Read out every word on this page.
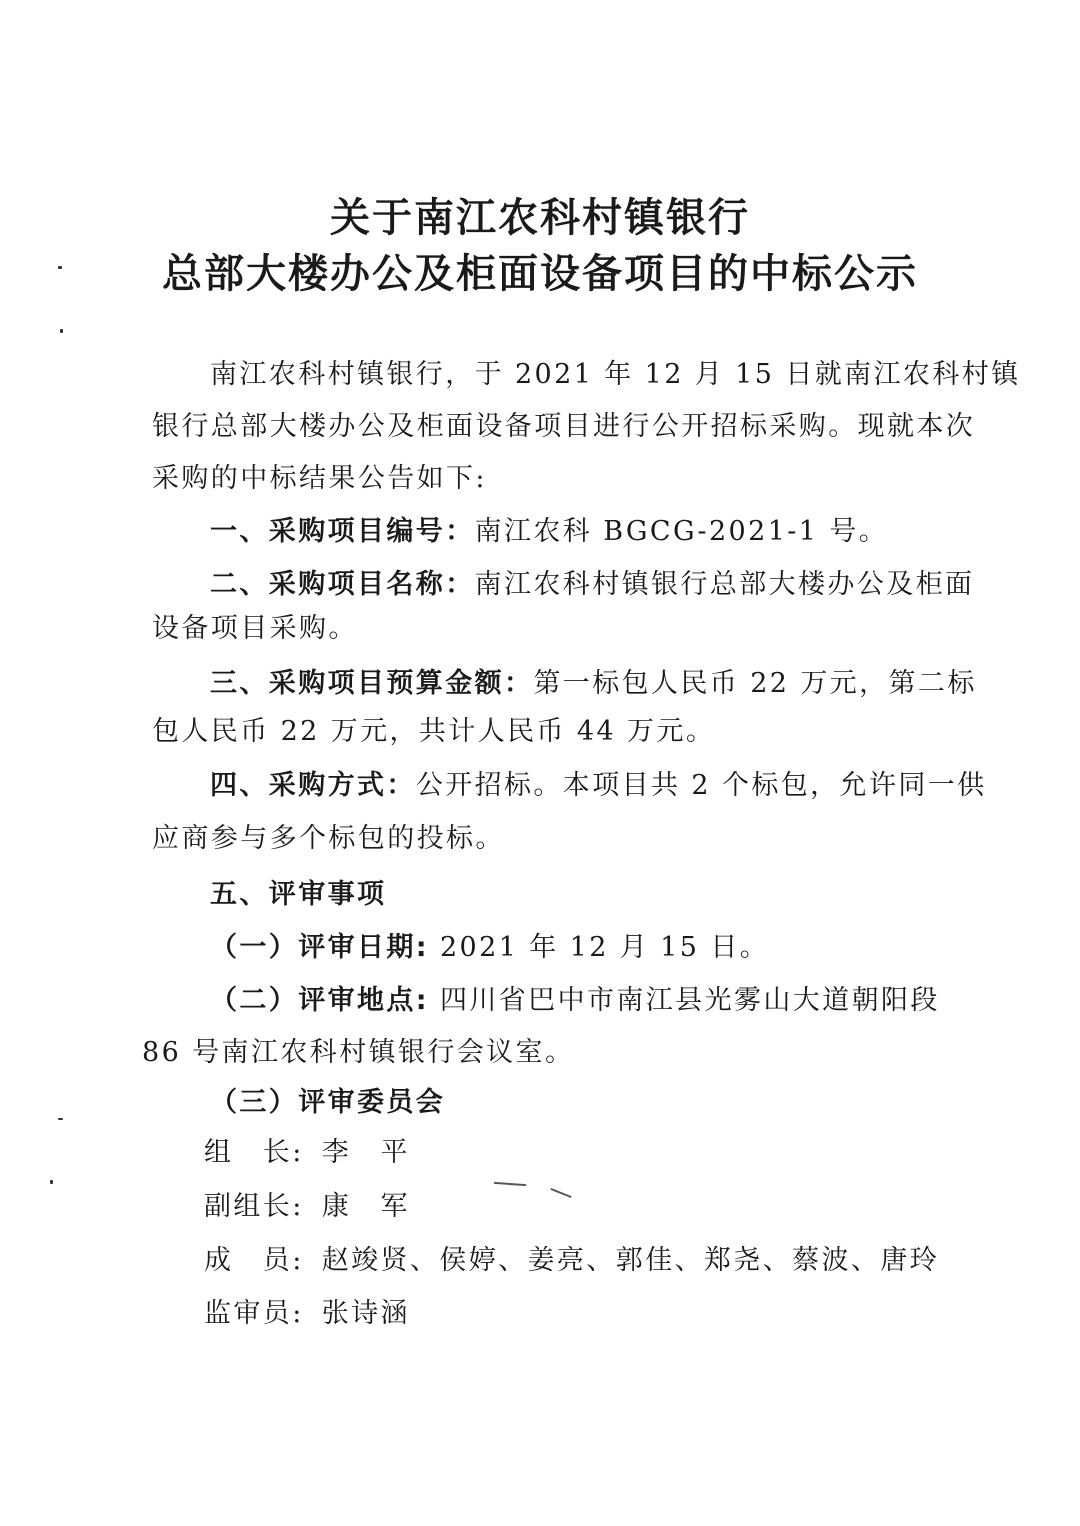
关于南江农科村镇银行
总部大楼办公及柜面设备项目的中标公示
南江农科村镇银行，于 2021 年 12 月 15 日就南江农科村镇
银行总部大楼办公及柜面设备项目进行公开招标采购。现就本次
采购的中标结果公告如下:
一、采购项目编号：南江农科 BGCG-2021-1 号。
二、采购项目名称：南江农科村镇银行总部大楼办公及柜面
设备项目采购。
三、采购项目预算金额：第一标包人民币 22 万元，第二标
包人民币 22 万元，共计人民币 44 万元。
四、采购方式：公开招标。本项目共 2 个标包，允许同一供
应商参与多个标包的投标。
五、评审事项
（一）评审日期: 2021 年 12 月 15 日。
（二）评审地点: 四川省巴中市南江县光雾山大道朝阳段
86 号南江农科村镇银行会议室。
（三）评审委员会
组　长: 李　平
副组长: 康　军
成　员: 赵竣贤、侯婷、姜亮、郭佳、郑尧、蔡波、唐玲
监审员: 张诗涵
